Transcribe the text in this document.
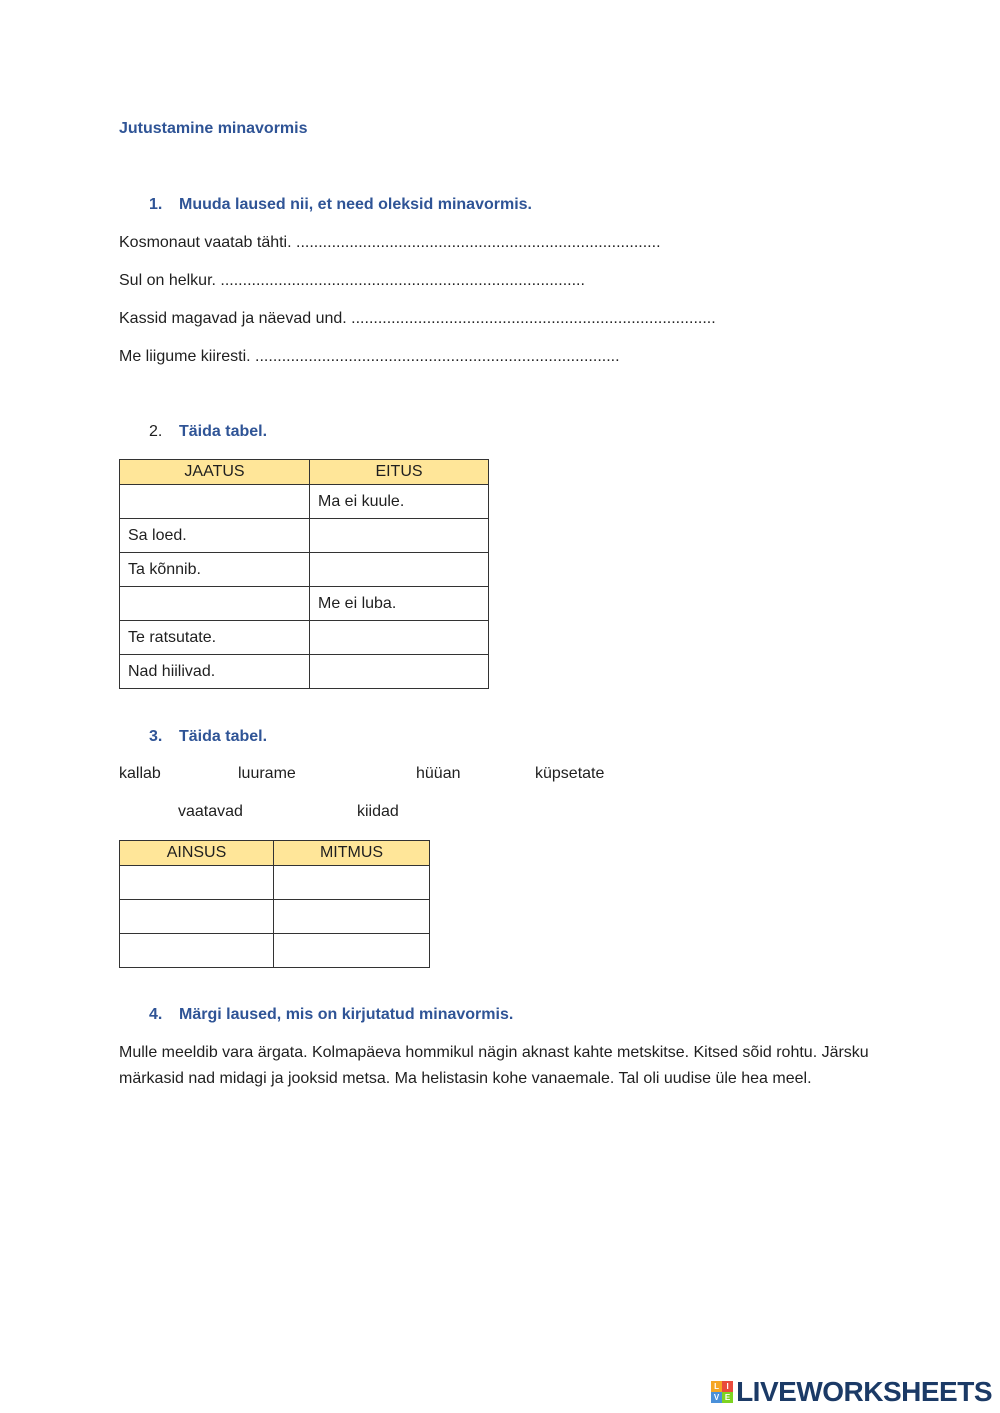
Jutustamine minavormis
1. Muuda laused nii, et need oleksid minavormis.
Kosmonaut vaatab tähti. ..................................................................................
Sul on helkur. ..................................................................................
Kassid magavad ja näevad und. ..................................................................................
Me liigume kiiresti. ..................................................................................
2. Täida tabel.
JAATUS	EITUS
	Ma ei kuule.
Sa loed.	
Ta kõnnib.	
	Me ei luba.
Te ratsutate.	
Nad hiilivad.	
3. Täida tabel.
kallab	luurame	hüüan	küpsetate
vaatavad	kiidad
AINSUS	MITMUS

4. Märgi laused, mis on kirjutatud minavormis.
Mulle meeldib vara ärgata. Kolmapäeva hommikul nägin aknast kahte metskitse. Kitsed sõid rohtu. Järsku märkasid nad midagi ja jooksid metsa. Ma helistasin kohe vanaemale. Tal oli uudise üle hea meel.
L I
V E LIVEWORKSHEETS
